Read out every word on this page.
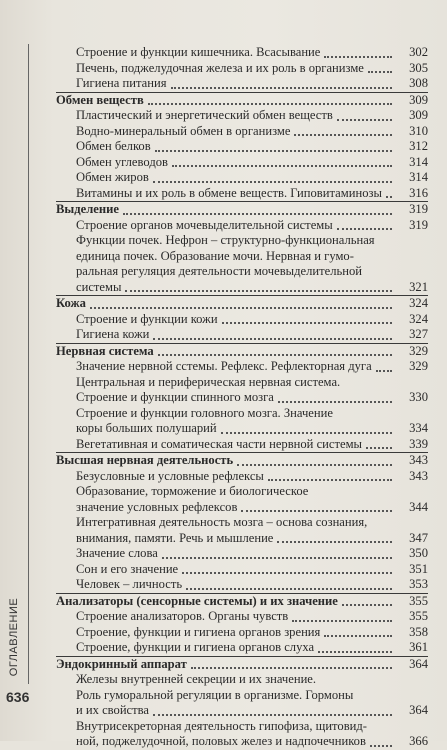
ОГЛАВЛЕНИЕ
636
Строение и функции кишечника. Всасывание	302
Печень, поджелудочная железа и их роль в организме	305
Гигиена питания	308
Обмен веществ	309
Пластический и энергетический обмен веществ	309
Водно-минеральный обмен в организме	310
Обмен белков	312
Обмен углеводов	314
Обмен жиров	314
Витамины и их роль в обмене веществ. Гиповитаминозы 316
Выделение	319
Строение органов мочевыделительной системы	319
Функции почек. Нефрон – структурно-функциональная
единица почек. Образование мочи. Нервная и гумо-
ральная регуляция деятельности мочевыделительной
системы	321
Кожа	324
Строение и функции кожи	324
Гигиена кожи	327
Нервная система	329
Значение нервной сстемы. Рефлекс. Рефлекторная дуга	329
Центральная и периферическая нервная система.
Строение и функции спинного мозга	330
Строение и функции головного мозга. Значение
коры больших полушарий	334
Вегетативная и соматическая части нервной системы	339
Высшая нервная деятельность	343
Безусловные и условные рефлексы	343
Образование, торможение и биологическое
значение условных рефлексов	344
Интегративная деятельность мозга – основа сознания,
внимания, памяти. Речь и мышление	347
Значение слова	350
Сон и его значение	351
Человек – личность	353
Анализаторы (сенсорные системы) и их значение	355
Строение анализаторов. Органы чувств	355
Строение, функции и гигиена органов зрения	358
Строение, функции и гигиена органов слуха	361
Эндокринный аппарат	364
Железы внутренней секреции и их значение.
Роль гуморальной регуляции в организме. Гормоны
и их свойства	364
Внутрисекреторная деятельность гипофиза, щитовид-
ной, поджелудочной, половых желез и надпочечников	366
